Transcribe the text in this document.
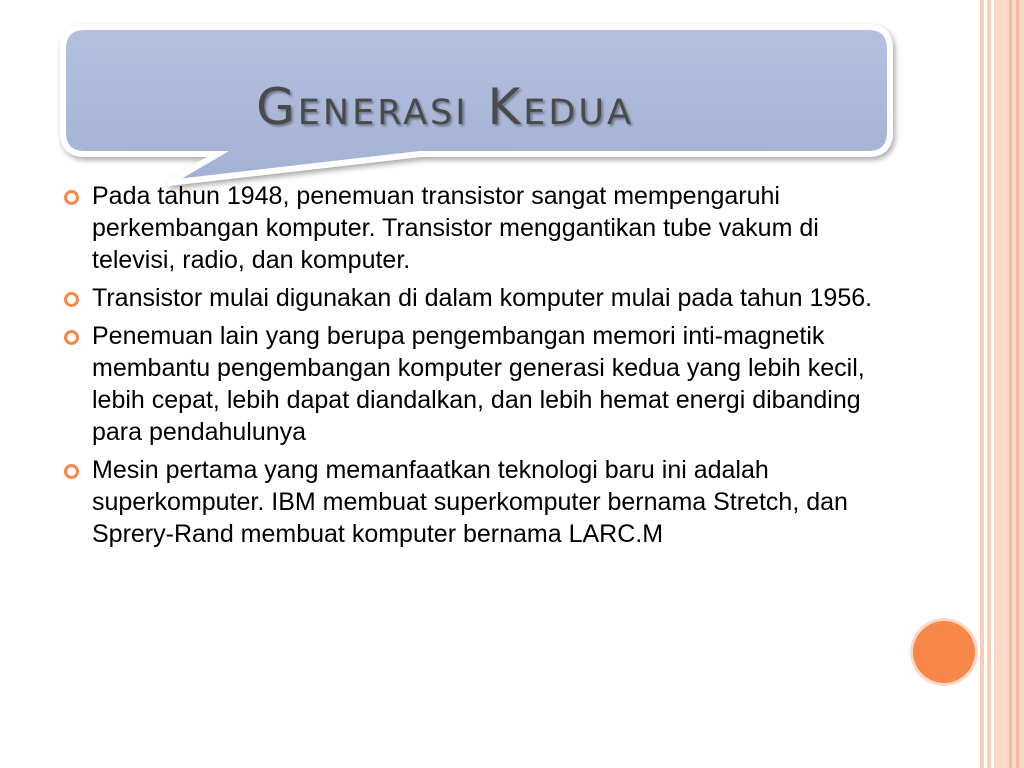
Generasi Kedua
Pada tahun 1948, penemuan transistor sangat mempengaruhi perkembangan komputer. Transistor menggantikan tube vakum di televisi, radio, dan komputer.
Transistor mulai digunakan di dalam komputer mulai pada tahun 1956.
Penemuan lain yang berupa pengembangan memori inti-magnetik membantu pengembangan komputer generasi kedua yang lebih kecil, lebih cepat, lebih dapat diandalkan, dan lebih hemat energi dibanding para pendahulunya
Mesin pertama yang memanfaatkan teknologi baru ini adalah superkomputer. IBM membuat superkomputer bernama Stretch, dan Sprery-Rand membuat komputer bernama LARC.M
